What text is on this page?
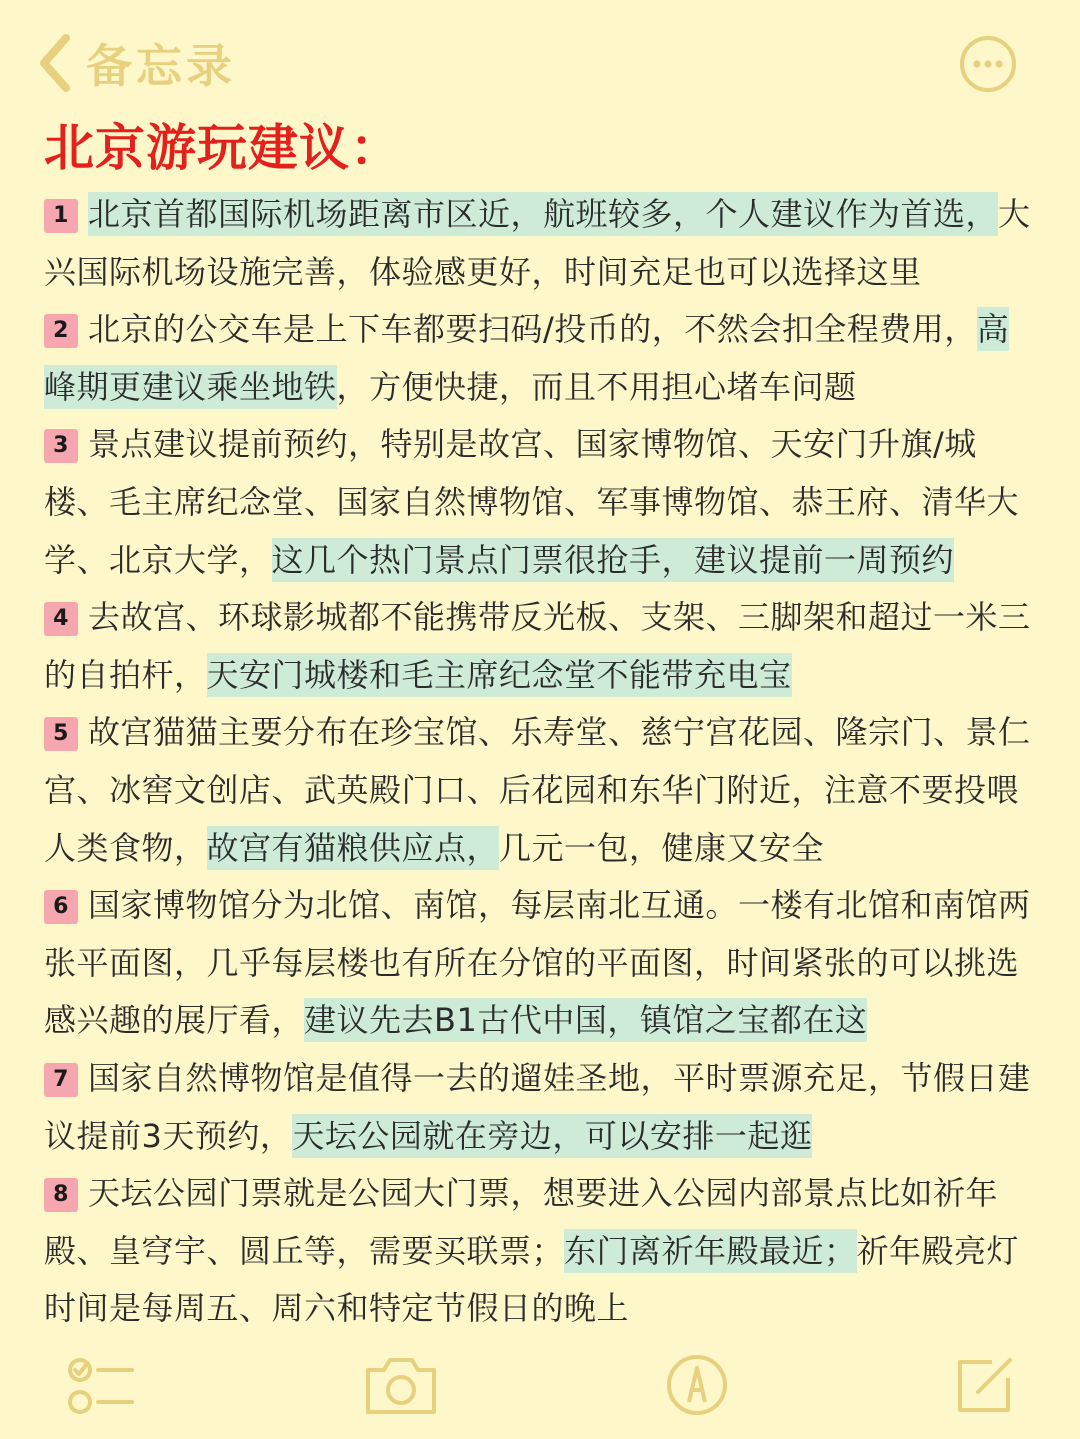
备忘录
北京游玩建议：

1 北京首都国际机场距离市区近，航班较多，个人建议作为首选，大兴国际机场设施完善，体验感更好，时间充足也可以选择这里

2 北京的公交车是上下车都要扫码/投币的，不然会扣全程费用，高峰期更建议乘坐地铁，方便快捷，而且不用担心堵车问题

3 景点建议提前预约，特别是故宫、国家博物馆、天安门升旗/城楼、毛主席纪念堂、国家自然博物馆、军事博物馆、恭王府、清华大学、北京大学，这几个热门景点门票很抢手，建议提前一周预约

4 去故宫、环球影城都不能携带反光板、支架、三脚架和超过一米三的自拍杆，天安门城楼和毛主席纪念堂不能带充电宝

5 故宫猫猫主要分布在珍宝馆、乐寿堂、慈宁宫花园、隆宗门、景仁宫、冰窖文创店、武英殿门口、后花园和东华门附近，注意不要投喂人类食物，故宫有猫粮供应点，几元一包，健康又安全

6 国家博物馆分为北馆、南馆，每层南北互通。一楼有北馆和南馆两张平面图，几乎每层楼也有所在分馆的平面图，时间紧张的可以挑选感兴趣的展厅看，建议先去B1古代中国，镇馆之宝都在这

7 国家自然博物馆是值得一去的遛娃圣地，平时票源充足，节假日建议提前3天预约，天坛公园就在旁边，可以安排一起逛

8 天坛公园门票就是公园大门票，想要进入公园内部景点比如祈年殿、皇穹宇、圆丘等，需要买联票；东门离祈年殿最近；祈年殿亮灯时间是每周五、周六和特定节假日的晚上
